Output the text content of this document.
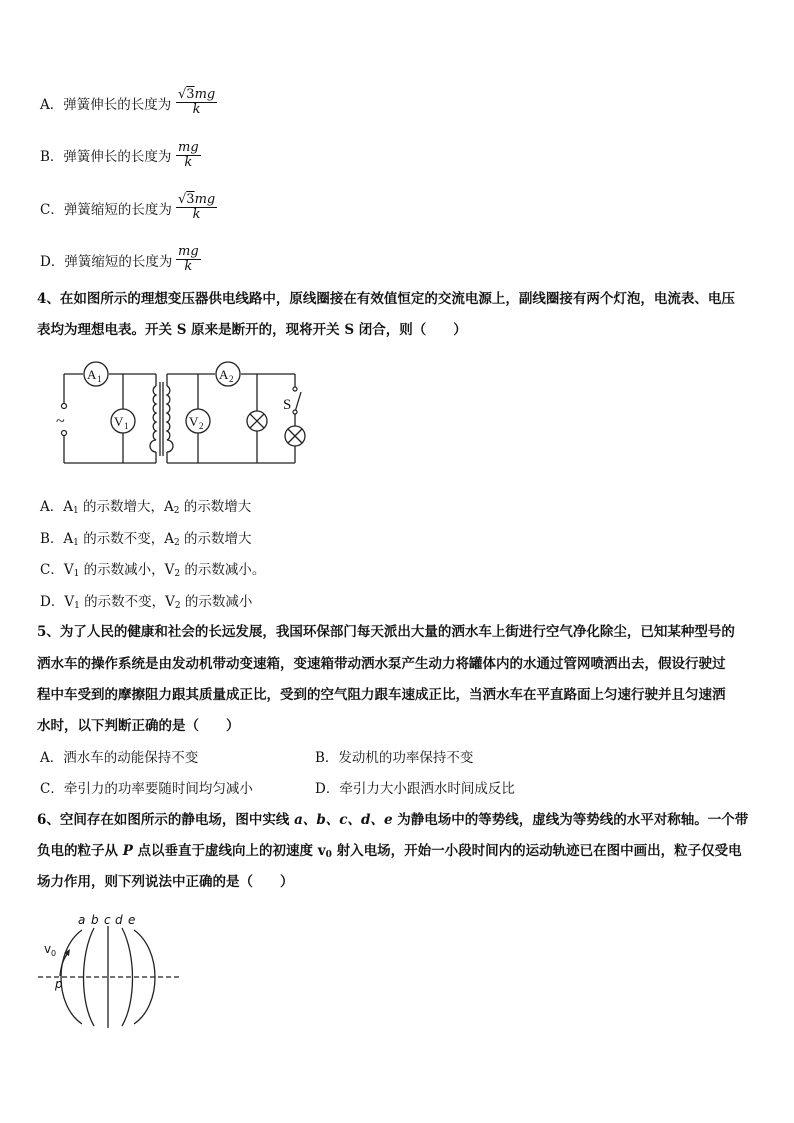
A．弹簧伸长的长度为 $\frac{√3mg}{k}$
B．弹簧伸长的长度为 $\frac{mg}{k}$
C．弹簧缩短的长度为 $\frac{√3mg}{k}$
D．弹簧缩短的长度为 $\frac{mg}{k}$
4、在如图所示的理想变压器供电线路中，原线圈接在有效值恒定的交流电源上，副线圈接有两个灯泡，电流表、电压
表均为理想电表。开关 S 原来是断开的，现将开关 S 闭合，则（　　）
~
A 1
V 1	V 2
A 2
S
A．$A_1$ 的示数增大，$A_2$ 的示数增大
B．$A_1$ 的示数不变，$A_2$ 的示数增大
C．$V_1$ 的示数减小，$V_2$ 的示数减小。
D．$V_1$ 的示数不变，$V_2$ 的示数减小
5、为了人民的健康和社会的长远发展，我国环保部门每天派出大量的洒水车上街进行空气净化除尘，已知某种型号的
洒水车的操作系统是由发动机带动变速箱，变速箱带动洒水泵产生动力将罐体内的水通过管网喷洒出去，假设行驶过
程中车受到的摩擦阻力跟其质量成正比，受到的空气阻力跟车速成正比，当洒水车在平直路面上匀速行驶并且匀速洒
水时，以下判断正确的是（　　）
A．洒水车的动能保持不变	B．发动机的功率保持不变
C．牵引力的功率要随时间均匀减小	D．牵引力大小跟洒水时间成反比
6、空间存在如图所示的静电场，图中实线 a、b、c、d、e 为静电场中的等势线，虚线为等势线的水平对称轴。一个带
负电的粒子从 P 点以垂直于虚线向上的初速度 $v_0$ 射入电场，开始一小段时间内的运动轨迹已在图中画出，粒子仅受电
场力作用，则下列说法中正确的是（　　）
a b c d e
v 0
p
